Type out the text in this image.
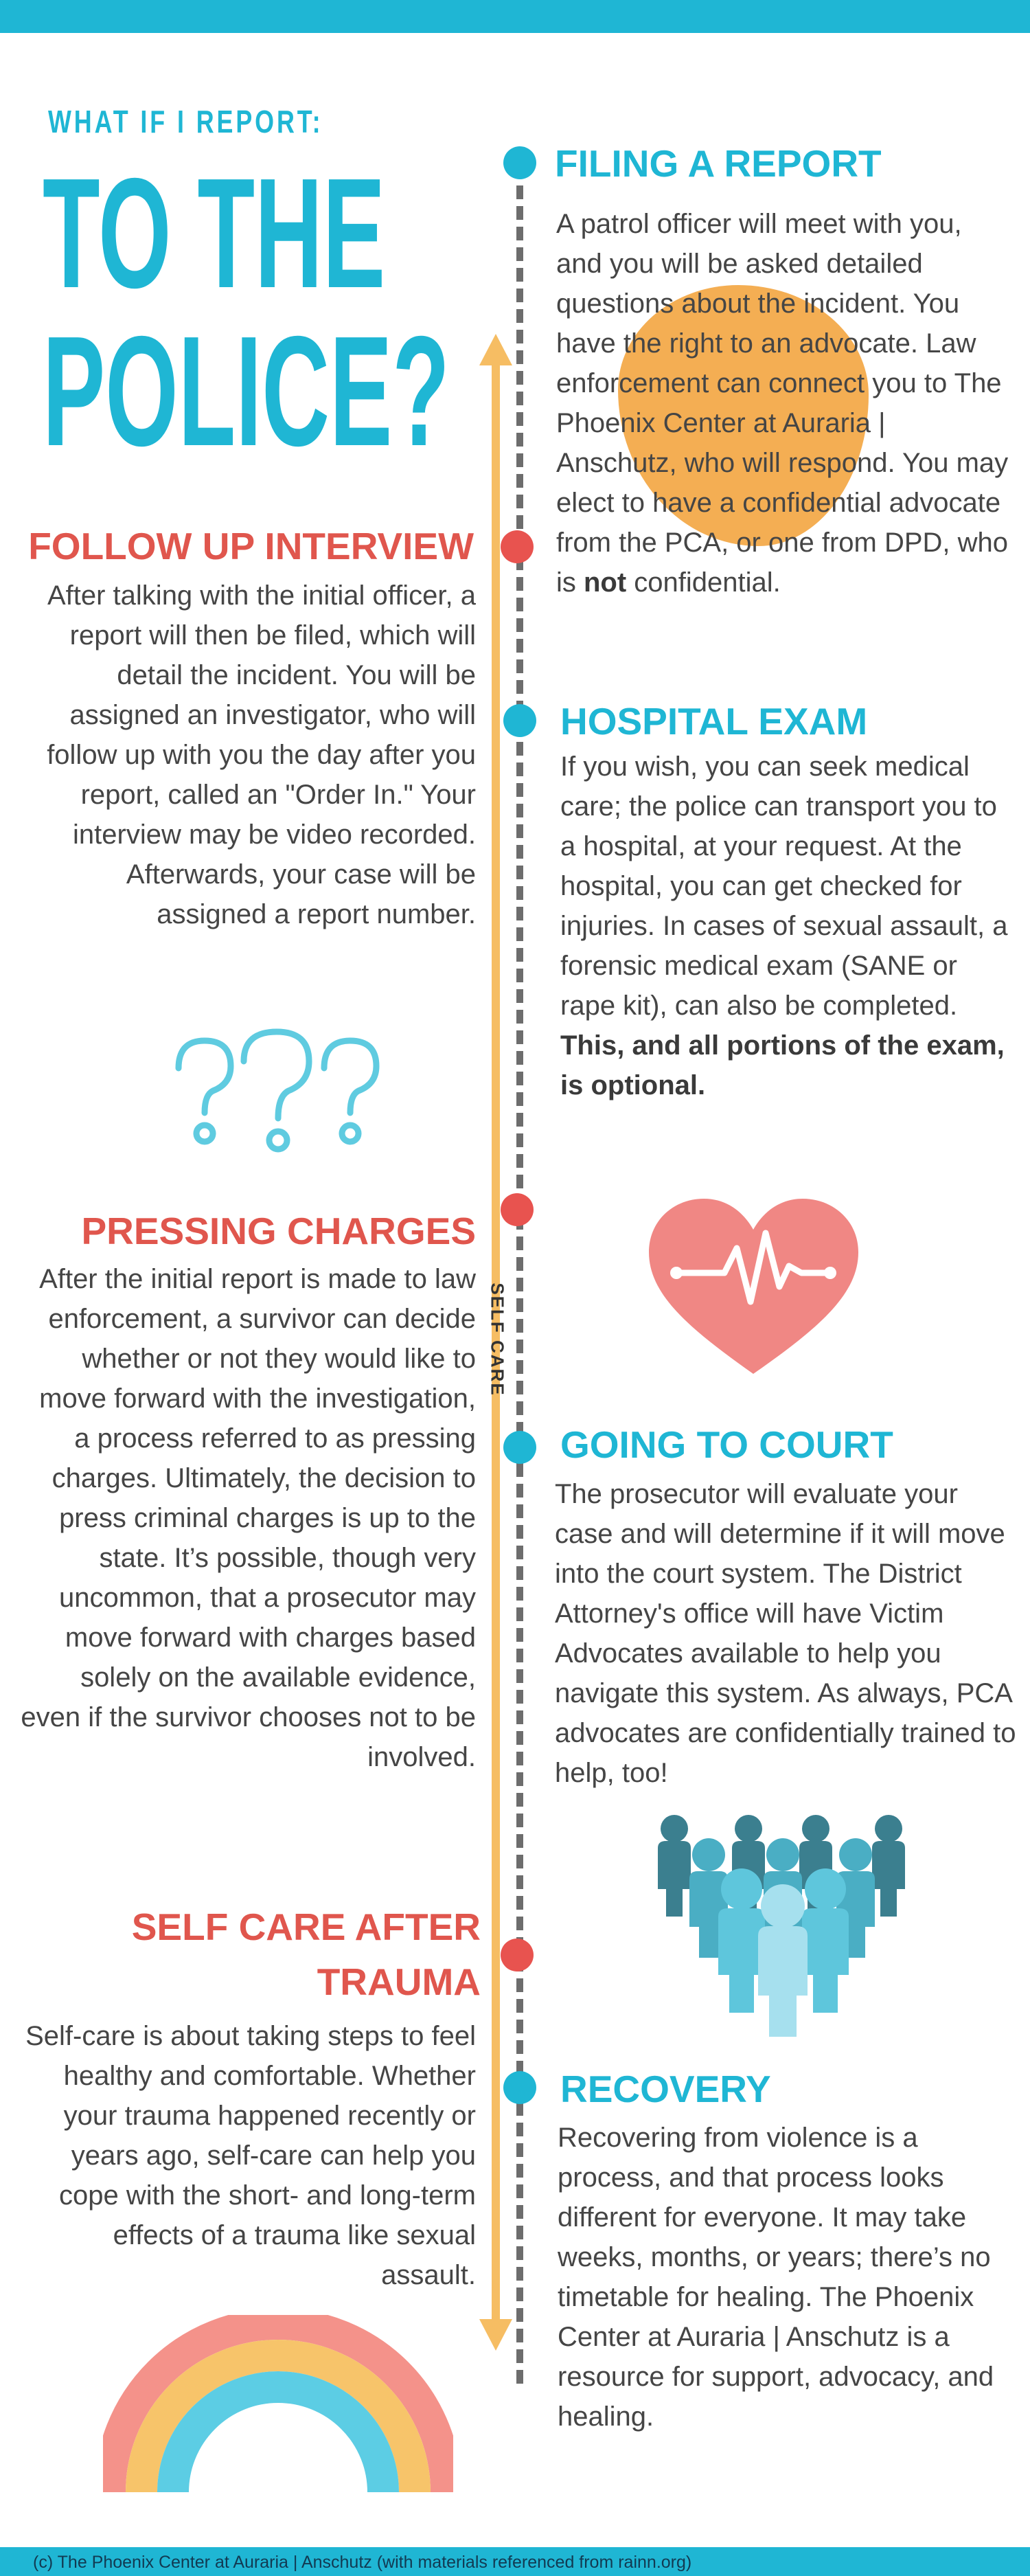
WHAT IF I REPORT:
TO THE
POLICE?
SELF CARE
FILING A REPORT
A patrol officer will meet with you, and you will be asked detailed questions about the incident. You have the right to an advocate. Law enforcement can connect you to The Phoenix Center at Auraria | Anschutz, who will respond. You may elect to have a confidential advocate from the PCA, or one from DPD, who is not confidential.
FOLLOW UP INTERVIEW
After talking with the initial officer, a report will then be filed, which will detail the incident. You will be assigned an investigator, who will follow up with you the day after you report, called an "Order In." Your interview may be video recorded. Afterwards, your case will be assigned a report number.
HOSPITAL EXAM
If you wish, you can seek medical care; the police can transport you to a hospital, at your request. At the hospital, you can get checked for injuries. In cases of sexual assault, a forensic medical exam (SANE or rape kit), can also be completed. This, and all portions of the exam, is optional.
PRESSING CHARGES
After the initial report is made to law enforcement, a survivor can decide whether or not they would like to move forward with the investigation, a process referred to as pressing charges. Ultimately, the decision to press criminal charges is up to the state. It’s possible, though very uncommon, that a prosecutor may move forward with charges based solely on the available evidence, even if the survivor chooses not to be involved.
GOING TO COURT
The prosecutor will evaluate your case and will determine if it will move into the court system. The District Attorney's office will have Victim Advocates available to help you navigate this system. As always, PCA advocates are confidentially trained to help, too!
SELF CARE AFTER
TRAUMA
Self-care is about taking steps to feel healthy and comfortable. Whether your trauma happened recently or years ago, self-care can help you cope with the short- and long-term effects of a trauma like sexual assault.
RECOVERY
Recovering from violence is a process, and that process looks different for everyone. It may take weeks, months, or years; there’s no timetable for healing. The Phoenix Center at Auraria | Anschutz is a resource for support, advocacy, and healing.
(c) The Phoenix Center at Auraria | Anschutz (with materials referenced from rainn.org)
